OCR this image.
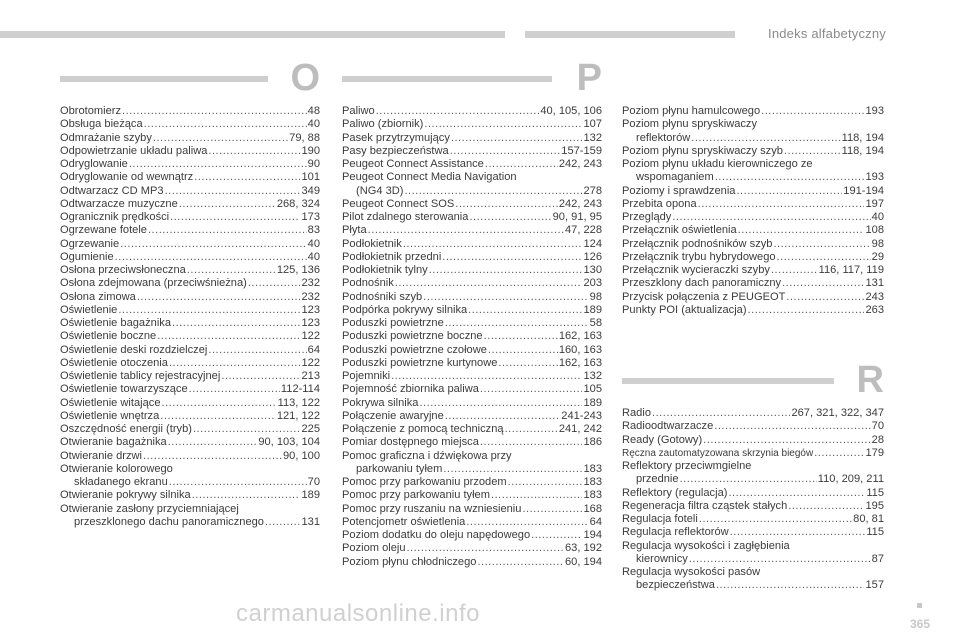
Indeks alfabetyczny
O	P
R
Obrotomierz .....	48
Obsługa bieżąca .....	40
Odmrażanie szyby .....	79, 88
Odpowietrzanie układu paliwa .....	190
Odryglowanie .....	90
Odryglowanie od wewnątrz .....	101
Odtwarzacz CD MP3 .....	349
Odtwarzacze muzyczne .....	268, 324
Ogranicznik prędkości .....	173
Ogrzewane fotele .....	83
Ogrzewanie .....	40
Ogumienie .....	40
Osłona przeciwsłoneczna .....	125, 136
Osłona zdejmowana (przeciwśnieżna) .....	232
Osłona zimowa .....	232
Oświetlenie .....	123
Oświetlenie bagażnika .....	123
Oświetlenie boczne .....	122
Oświetlenie deski rozdzielczej .....	64
Oświetlenie otoczenia .....	122
Oświetlenie tablicy rejestracyjnej .....	213
Oświetlenie towarzyszące .....	112-114
Oświetlenie witające .....	113, 122
Oświetlenie wnętrza .....	121, 122
Oszczędność energii (tryb) .....	225
Otwieranie bagażnika .....	90, 103, 104
Otwieranie drzwi .....	90, 100
Otwieranie kolorowego
składanego ekranu .....	70
Otwieranie pokrywy silnika .....	189
Otwieranie zasłony przyciemniającej
przeszklonego dachu panoramicznego .....	131
Paliwo .....	40, 105, 106
Paliwo (zbiornik) .....	107
Pasek przytrzymujący .....	132
Pasy bezpieczeństwa .....	157-159
Peugeot Connect Assistance .....	242, 243
Peugeot Connect Media Navigation
(NG4 3D) .....	278
Peugeot Connect SOS .....	242, 243
Pilot zdalnego sterowania .....	90, 91, 95
Płyta .....	47, 228
Podłokietnik .....	124
Podłokietnik przedni .....	126
Podłokietnik tylny .....	130
Podnośnik .....	203
Podnośniki szyb .....	98
Podpórka pokrywy silnika .....	189
Poduszki powietrzne .....	58
Poduszki powietrzne boczne .....	162, 163
Poduszki powietrzne czołowe .....	160, 163
Poduszki powietrzne kurtynowe .....	162, 163
Pojemniki .....	132
Pojemność zbiornika paliwa .....	105
Pokrywa silnika .....	189
Połączenie awaryjne .....	241-243
Połączenie z pomocą techniczną .....	241, 242
Pomiar dostępnego miejsca .....	186
Pomoc graficzna i dźwiękowa przy
parkowaniu tyłem .....	183
Pomoc przy parkowaniu przodem .....	183
Pomoc przy parkowaniu tyłem .....	183
Pomoc przy ruszaniu na wzniesieniu .....	168
Potencjometr oświetlenia .....	64
Poziom dodatku do oleju napędowego .....	194
Poziom oleju .....	63, 192
Poziom płynu chłodniczego .....	60, 194
Poziom płynu hamulcowego .....	193
Poziom płynu spryskiwaczy
reflektorów .....	118, 194
Poziom płynu spryskiwaczy szyb .....	118, 194
Poziom płynu układu kierowniczego ze
wspomaganiem .....	193
Poziomy i sprawdzenia .....	191-194
Przebita opona .....	197
Przeglądy .....	40
Przełącznik oświetlenia .....	108
Przełącznik podnośników szyb .....	98
Przełącznik trybu hybrydowego .....	29
Przełącznik wycieraczki szyby .....	116, 117, 119
Przeszklony dach panoramiczny .....	131
Przycisk połączenia z PEUGEOT .....	243
Punkty POI (aktualizacja) .....	263
Radio .....	267, 321, 322, 347
Radioodtwarzacze .....	70
Ready (Gotowy) .....	28
Ręczna zautomatyzowana skrzynia biegów .....	179
Reflektory przeciwmgielne
przednie .....	110, 209, 211
Reflektory (regulacja) .....	115
Regeneracja filtra cząstek stałych .....	195
Regulacja foteli .....	80, 81
Regulacja reflektorów .....	115
Regulacja wysokości i zagłębienia
kierownicy .....	87
Regulacja wysokości pasów
bezpieczeństwa .....	157
carmanualsonline.info	365
